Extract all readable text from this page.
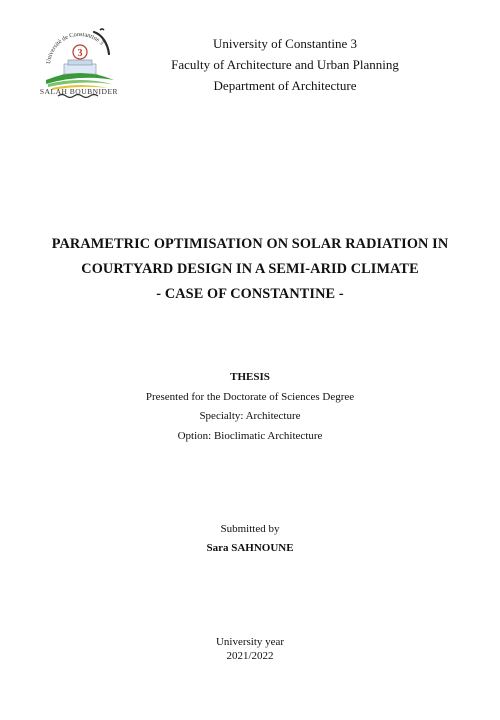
Université de Constantine 3
3
SALAH BOUBNIDER
University of Constantine 3
Faculty of Architecture and Urban Planning
Department of Architecture
PARAMETRIC OPTIMISATION ON SOLAR RADIATION IN
COURTYARD DESIGN IN A SEMI-ARID CLIMATE
- CASE OF CONSTANTINE -
THESIS
Presented for the Doctorate of Sciences Degree
Specialty: Architecture
Option: Bioclimatic Architecture
Submitted by
Sara SAHNOUNE
University year
2021/2022
